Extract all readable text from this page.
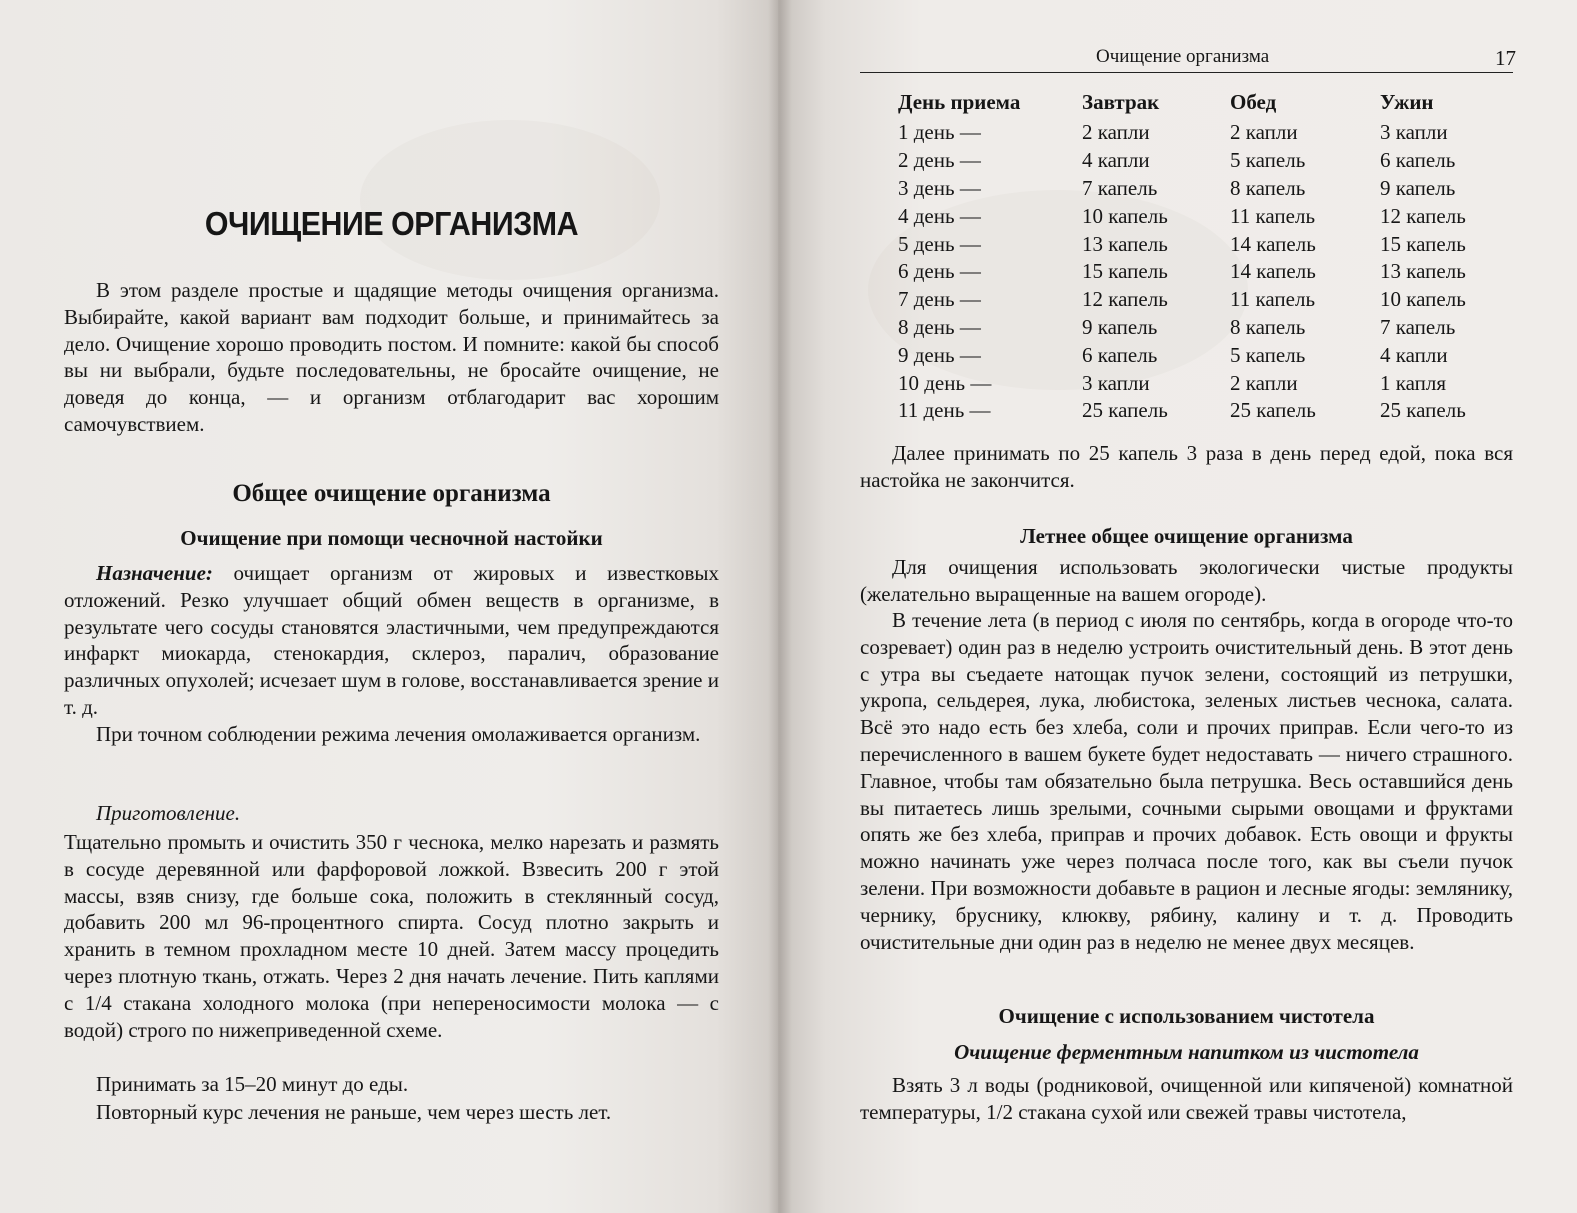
ОЧИЩЕНИЕ ОРГАНИЗМА

В этом разделе простые и щадящие методы очищения организма. Выбирайте, какой вариант вам подходит больше, и принимайтесь за дело. Очищение хорошо проводить постом. И помните: какой бы способ вы ни выбрали, будьте последовательны, не бросайте очищение, не доведя до конца, — и организм отблагодарит вас хорошим самочувствием.

Общее очищение организма
Очищение при помощи чесночной настойки

Назначение: очищает организм от жировых и известковых отложений. Резко улучшает общий обмен веществ в организме, в результате чего сосуды становятся эластичными, чем предупреждаются инфаркт миокарда, стенокардия, склероз, паралич, образование различных опухолей; исчезает шум в голове, восстанавливается зрение и т. д.

При точном соблюдении режима лечения омолаживается организм.

Приготовление.

Тщательно промыть и очистить 350 г чеснока, мелко нарезать и размять в сосуде деревянной или фарфоровой ложкой. Взвесить 200 г этой массы, взяв снизу, где больше сока, положить в стеклянный сосуд, добавить 200 мл 96-процентного спирта. Сосуд плотно закрыть и хранить в темном прохладном месте 10 дней. Затем массу процедить через плотную ткань, отжать. Через 2 дня начать лечение. Пить каплями с 1/4 стакана холодного молока (при непереносимости молока — с водой) строго по нижеприведенной схеме.

Принимать за 15–20 минут до еды.

Повторный курс лечения не раньше, чем через шесть лет.

Очищение организма	17
День приема	Завтрак	Обед	Ужин
1 день —	2 капли	2 капли	3 капли
2 день —	4 капли	5 капель	6 капель
3 день —	7 капель	8 капель	9 капель
4 день —	10 капель	11 капель	12 капель
5 день —	13 капель	14 капель	15 капель
6 день —	15 капель	14 капель	13 капель
7 день —	12 капель	11 капель	10 капель
8 день —	9 капель	8 капель	7 капель
9 день —	6 капель	5 капель	4 капли
10 день —	3 капли	2 капли	1 капля
11 день —	25 капель	25 капель	25 капель

Далее принимать по 25 капель 3 раза в день перед едой, пока вся настойка не закончится.

Летнее общее очищение организма

Для очищения использовать экологически чистые продукты (желательно выращенные на вашем огороде).

В течение лета (в период с июля по сентябрь, когда в огороде что-то созревает) один раз в неделю устроить очистительный день. В этот день с утра вы съедаете натощак пучок зелени, состоящий из петрушки, укропа, сельдерея, лука, любистока, зеленых листьев чеснока, салата. Всё это надо есть без хлеба, соли и прочих приправ. Если чего-то из перечисленного в вашем букете будет недоставать — ничего страшного. Главное, чтобы там обязательно была петрушка. Весь оставшийся день вы питаетесь лишь зрелыми, сочными сырыми овощами и фруктами опять же без хлеба, приправ и прочих добавок. Есть овощи и фрукты можно начинать уже через полчаса после того, как вы съели пучок зелени. При возможности добавьте в рацион и лесные ягоды: землянику, чернику, бруснику, клюкву, рябину, калину и т. д. Проводить очистительные дни один раз в неделю не менее двух месяцев.

Очищение с использованием чистотела
Очищение ферментным напитком из чистотела

Взять 3 л воды (родниковой, очищенной или кипяченой) комнатной температуры, 1/2 стакана сухой или свежей травы чистотела,
